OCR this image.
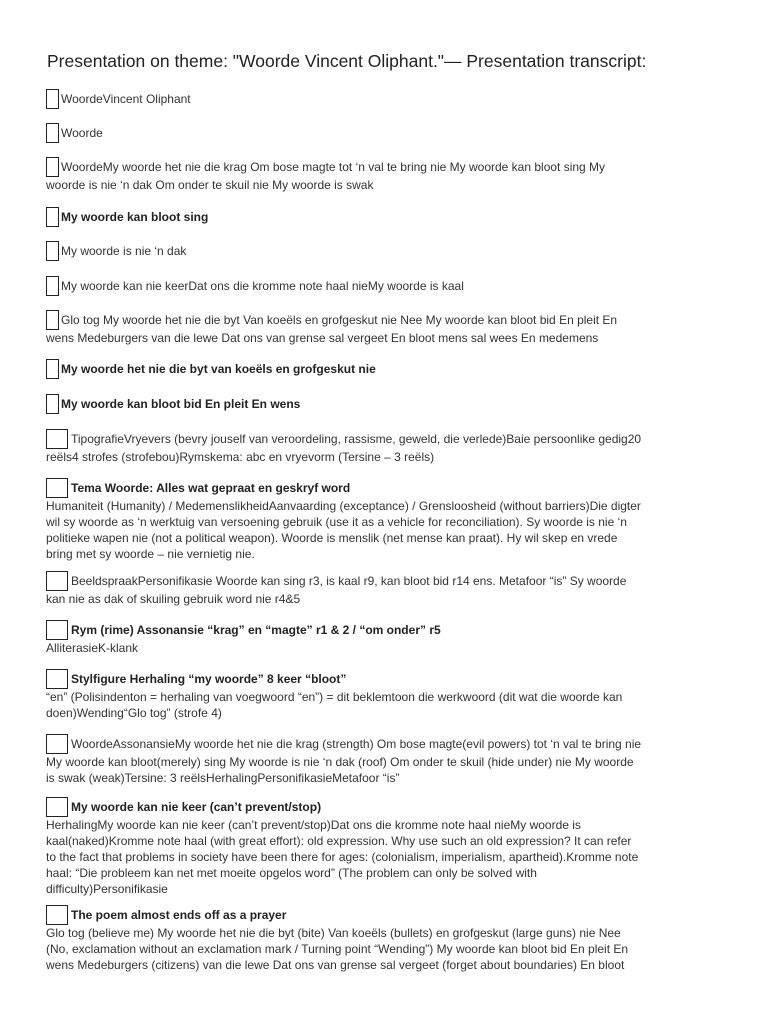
Presentation on theme: "Woorde Vincent Oliphant."— Presentation transcript:
WoordeVincent Oliphant
Woorde
WoordeMy woorde het nie die krag Om bose magte tot ‘n val te bring nie My woorde kan bloot sing My
woorde is nie ‘n dak Om onder te skuil nie My woorde is swak
My woorde kan bloot sing
My woorde is nie ‘n dak
My woorde kan nie keerDat ons die kromme note haal nieMy woorde is kaal
Glo tog My woorde het nie die byt Van koeëls en grofgeskut nie Nee My woorde kan bloot bid En pleit En
wens Medeburgers van die lewe Dat ons van grense sal vergeet En bloot mens sal wees En medemens
My woorde het nie die byt van koeëls en grofgeskut nie
My woorde kan bloot bid En pleit En wens
TipografieVryevers (bevry jouself van veroordeling, rassisme, geweld, die verlede)Baie persoonlike gedig20
reëls4 strofes (strofebou)Rymskema: abc en vryevorm (Tersine – 3 reëls)
Tema Woorde: Alles wat gepraat en geskryf word
Humaniteit (Humanity) / MedemenslikheidAanvaarding (exceptance) / Grensloosheid (without barriers)Die digter
wil sy woorde as ‘n werktuig van versoening gebruik (use it as a vehicle for reconciliation). Sy woorde is nie ‘n
politieke wapen nie (not a political weapon). Woorde is menslik (net mense kan praat). Hy wil skep en vrede
bring met sy woorde – nie vernietig nie.
BeeldspraakPersonifikasie Woorde kan sing r3, is kaal r9, kan bloot bid r14 ens. Metafoor “is” Sy woorde
kan nie as dak of skuiling gebruik word nie r4&5
Rym (rime) Assonansie “krag” en “magte” r1 & 2 / “om onder” r5
AlliterasieK-klank
Stylfigure Herhaling “my woorde” 8 keer “bloot”
“en” (Polisindenton = herhaling van voegwoord “en”) = dit beklemtoon die werkwoord (dit wat die woorde kan
doen)Wending“Glo tog” (strofe 4)
WoordeAssonansieMy woorde het nie die krag (strength) Om bose magte(evil powers) tot ‘n val te bring nie
My woorde kan bloot(merely) sing My woorde is nie ‘n dak (roof) Om onder te skuil (hide under) nie My woorde
is swak (weak)Tersine: 3 reëlsHerhalingPersonifikasieMetafoor “is”
My woorde kan nie keer (can’t prevent/stop)
HerhalingMy woorde kan nie keer (can’t prevent/stop)Dat ons die kromme note haal nieMy woorde is
kaal(naked)Kromme note haal (with great effort): old expression. Why use such an old expression? It can refer
to the fact that problems in society have been there for ages: (colonialism, imperialism, apartheid).Kromme note
haal: “Die probleem kan net met moeite opgelos word” (The problem can only be solved with
difficulty)Personifikasie
The poem almost ends off as a prayer
Glo tog (believe me) My woorde het nie die byt (bite) Van koeëls (bullets) en grofgeskut (large guns) nie Nee
(No, exclamation without an exclamation mark / Turning point “Wending”) My woorde kan bloot bid En pleit En
wens Medeburgers (citizens) van die lewe Dat ons van grense sal vergeet (forget about boundaries) En bloot
